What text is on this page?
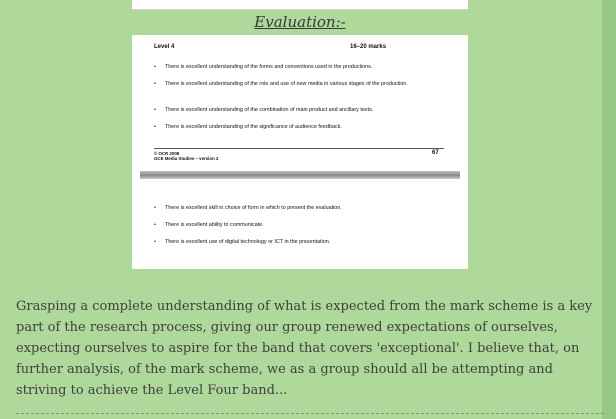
Evaluation:-
Level 4	16–20 marks
• There is excellent understanding of the forms and conventions used in the productions.
• There is excellent understanding of the role and use of new media in various stages of the production.
• There is excellent understanding of the combination of main product and ancillary texts.
• There is excellent understanding of the significance of audience feedback.
© OCR 2008
GCE Media Studies – version 2
67
• There is excellent skill in choice of form in which to present the evaluation.
• There is excellent ability to communicate.
• There is excellent use of digital technology or ICT in the presentation.

Grasping a complete understanding of what is expected from the mark scheme is a key part of the research process, giving our group renewed expectations of ourselves, expecting ourselves to aspire for the band that covers 'exceptional'. I believe that, on further analysis, of the mark scheme, we as a group should all be attempting and striving to achieve the Level Four band...
